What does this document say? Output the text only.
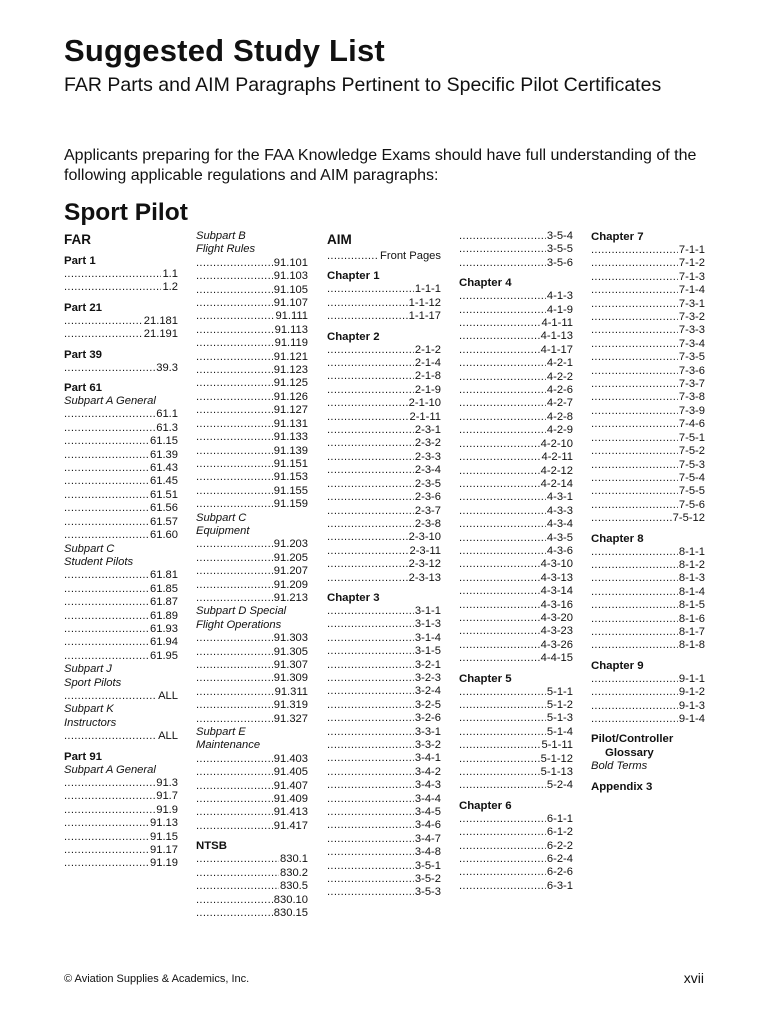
Suggested Study List
FAR Parts and AIM Paragraphs Pertinent to Specific Pilot Certificates
Applicants preparing for the FAA Knowledge Exams should have full understanding of the following applicable regulations and AIM paragraphs:
Sport Pilot
FAR
Part 1
.....
1.1
.....
1.2
Part 21
.....
21.181
.....
21.191
Part 39
.....
39.3
Part 61
Subpart A General
.....
61.1
.....
61.3
.....
61.15
.....
61.39
.....
61.43
.....
61.45
.....
61.51
.....
61.56
.....
61.57
.....
61.60
Subpart C
Student Pilots
.....
61.81
.....
61.85
.....
61.87
.....
61.89
.....
61.93
.....
61.94
.....
61.95
Subpart J
Sport Pilots
.....
ALL
Subpart K
Instructors
.....
ALL
Part 91
Subpart A General
.....
91.3
.....
91.7
.....
91.9
.....
91.13
.....
91.15
.....
91.17
.....
91.19
Subpart B
Flight Rules
.....
91.101
.....
91.103
.....
91.105
.....
91.107
.....
91.111
.....
91.113
.....
91.119
.....
91.121
.....
91.123
.....
91.125
.....
91.126
.....
91.127
.....
91.131
.....
91.133
.....
91.139
.....
91.151
.....
91.153
.....
91.155
.....
91.159
Subpart C
Equipment
.....
91.203
.....
91.205
.....
91.207
.....
91.209
.....
91.213
Subpart D Special
Flight Operations
.....
91.303
.....
91.305
.....
91.307
.....
91.309
.....
91.311
.....
91.319
.....
91.327
Subpart E
Maintenance
.....
91.403
.....
91.405
.....
91.407
.....
91.409
.....
91.413
.....
91.417
NTSB
.....
830.1
.....
830.2
.....
830.5
.....
830.10
.....
830.15
AIM
.....
Front Pages
Chapter 1
.....
1-1-1
.....
1-1-12
.....
1-1-17
Chapter 2
.....
2-1-2
.....
2-1-4
.....
2-1-8
.....
2-1-9
.....
2-1-10
.....
2-1-11
.....
2-3-1
.....
2-3-2
.....
2-3-3
.....
2-3-4
.....
2-3-5
.....
2-3-6
.....
2-3-7
.....
2-3-8
.....
2-3-10
.....
2-3-11
.....
2-3-12
.....
2-3-13
Chapter 3
.....
3-1-1
.....
3-1-3
.....
3-1-4
.....
3-1-5
.....
3-2-1
.....
3-2-3
.....
3-2-4
.....
3-2-5
.....
3-2-6
.....
3-3-1
.....
3-3-2
.....
3-4-1
.....
3-4-2
.....
3-4-3
.....
3-4-4
.....
3-4-5
.....
3-4-6
.....
3-4-7
.....
3-4-8
.....
3-5-1
.....
3-5-2
.....
3-5-3
.....
3-5-4
.....
3-5-5
.....
3-5-6
Chapter 4
.....
4-1-3
.....
4-1-9
.....
4-1-11
.....
4-1-13
.....
4-1-17
.....
4-2-1
.....
4-2-2
.....
4-2-6
.....
4-2-7
.....
4-2-8
.....
4-2-9
.....
4-2-10
.....
4-2-11
.....
4-2-12
.....
4-2-14
.....
4-3-1
.....
4-3-3
.....
4-3-4
.....
4-3-5
.....
4-3-6
.....
4-3-10
.....
4-3-13
.....
4-3-14
.....
4-3-16
.....
4-3-20
.....
4-3-23
.....
4-3-26
.....
4-4-15
Chapter 5
.....
5-1-1
.....
5-1-2
.....
5-1-3
.....
5-1-4
.....
5-1-11
.....
5-1-12
.....
5-1-13
.....
5-2-4
Chapter 6
.....
6-1-1
.....
6-1-2
.....
6-2-2
.....
6-2-4
.....
6-2-6
.....
6-3-1
Chapter 7
.....
7-1-1
.....
7-1-2
.....
7-1-3
.....
7-1-4
.....
7-3-1
.....
7-3-2
.....
7-3-3
.....
7-3-4
.....
7-3-5
.....
7-3-6
.....
7-3-7
.....
7-3-8
.....
7-3-9
.....
7-4-6
.....
7-5-1
.....
7-5-2
.....
7-5-3
.....
7-5-4
.....
7-5-5
.....
7-5-6
.....
7-5-12
Chapter 8
.....
8-1-1
.....
8-1-2
.....
8-1-3
.....
8-1-4
.....
8-1-5
.....
8-1-6
.....
8-1-7
.....
8-1-8
Chapter 9
.....
9-1-1
.....
9-1-2
.....
9-1-3
.....
9-1-4
Pilot/Controller
Glossary
Bold Terms
Appendix 3
© Aviation Supplies & Academics, Inc.	xvii
